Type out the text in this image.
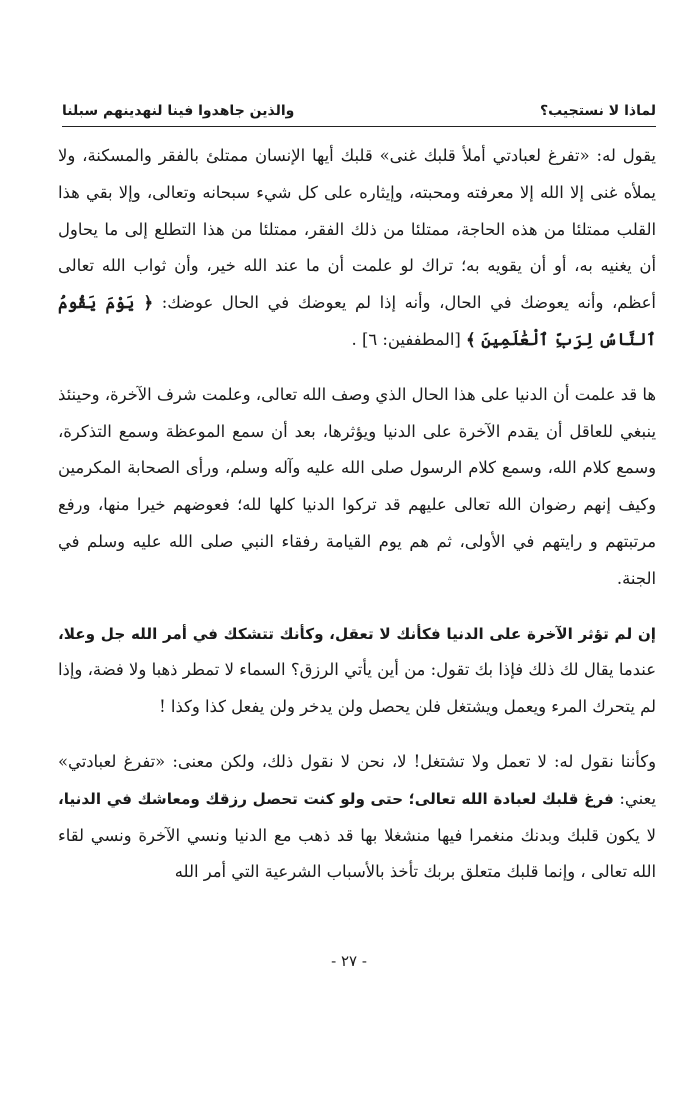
والذين جاهدوا فينا لنهدينهم سبلنا	لماذا لا نستجيب؟

يقول له: «تفرغ لعبادتي أملأ قلبك غنى» قلبك أيها الإنسان ممتلئ بالفقر والمسكنة، ولا يملأه غنى إلا الله إلا معرفته ومحبته، وإيثاره على كل شيء سبحانه وتعالى، وإلا بقي هذا القلب ممتلئا من هذه الحاجة، ممتلئا من ذلك الفقر، ممتلئا من هذا التطلع إلى ما يحاول أن يغنيه به، أو أن يقويه به؛ تراك لو علمت أن ما عند الله خير، وأن ثواب الله تعالى أعظم، وأنه يعوضك في الحال، وأنه إذا لم يعوضك في الحال عوضك: ﴿ يَوْمَ يَقُومُ ٱلنَّاسُ لِرَبِّ ٱلْعَٰلَمِينَ ﴾ [المطففين: ٦] .

ها قد علمت أن الدنيا على هذا الحال الذي وصف الله تعالى، وعلمت شرف الآخرة، وحينئذ ينبغي للعاقل أن يقدم الآخرة على الدنيا ويؤثرها، بعد أن سمع الموعظة وسمع التذكرة، وسمع كلام الله، وسمع كلام الرسول صلى الله عليه وآله وسلم، ورأى الصحابة المكرمين وكيف إنهم رضوان الله تعالى عليهم قد تركوا الدنيا كلها لله؛ فعوضهم خيرا منها، ورفع مرتبتهم و رايتهم في الأولى، ثم هم يوم القيامة رفقاء النبي صلى الله عليه وسلم في الجنة.

إن لم تؤثر الآخرة على الدنيا فكأنك لا تعقل، وكأنك تتشكك في أمر الله جل وعلا، عندما يقال لك ذلك فإذا بك تقول: من أين يأتي الرزق؟ السماء لا تمطر ذهبا ولا فضة، وإذا لم يتحرك المرء ويعمل ويشتغل فلن يحصل ولن يدخر ولن يفعل كذا وكذا !

وكأننا نقول له: لا تعمل ولا تشتغل! لا، نحن لا نقول ذلك، ولكن معنى: «تفرغ لعبادتي» يعني: فرغ قلبك لعبادة الله تعالى؛ حتى ولو كنت تحصل رزقك ومعاشك في الدنيا، لا يكون قلبك وبدنك منغمرا فيها منشغلا بها قد ذهب مع الدنيا ونسي الآخرة ونسي لقاء الله تعالى ، وإنما قلبك متعلق بربك تأخذ بالأسباب الشرعية التي أمر الله

- ٢٧ -
